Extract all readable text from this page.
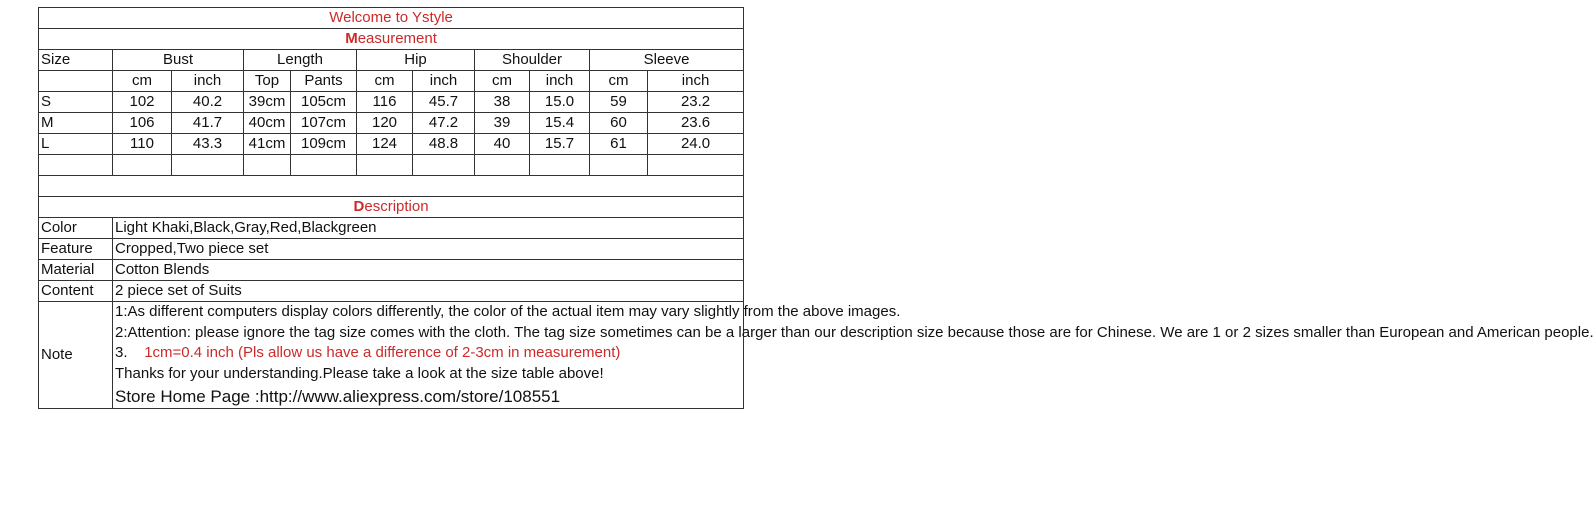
Welcome to Ystyle										
Measurement										
Size	Bust		Length		Hip		Shoulder		Sleeve	
	cm	inch	Top	Pants	cm	inch	cm	inch	cm	inch
S	102	40.2	39cm	105cm	116	45.7	38	15.0	59	23.2
M	106	41.7	40cm	107cm	120	47.2	39	15.4	60	23.6
L	110	43.3	41cm	109cm	124	48.8	40	15.7	61	24.0

Description										
Color	Light Khaki,Black,Gray,Red,Blackgreen									
Feature	Cropped,Two piece set									
Material	Cotton Blends									
Content	2 piece set of Suits									
Note	1:As different computers display colors differently, the color of the actual item may vary slightly from the above images.
2:Attention: please ignore the tag size comes with the cloth. The tag size sometimes can be a larger than our description size because those are for Chinese. We are 1 or 2 sizes smaller than European and American people.
3. 1cm=0.4 inch (Pls allow us have a difference of 2-3cm in measurement)
Thanks for your understanding.Please take a look at the size table above!
Store Home Page :http://www.aliexpress.com/store/108551									
